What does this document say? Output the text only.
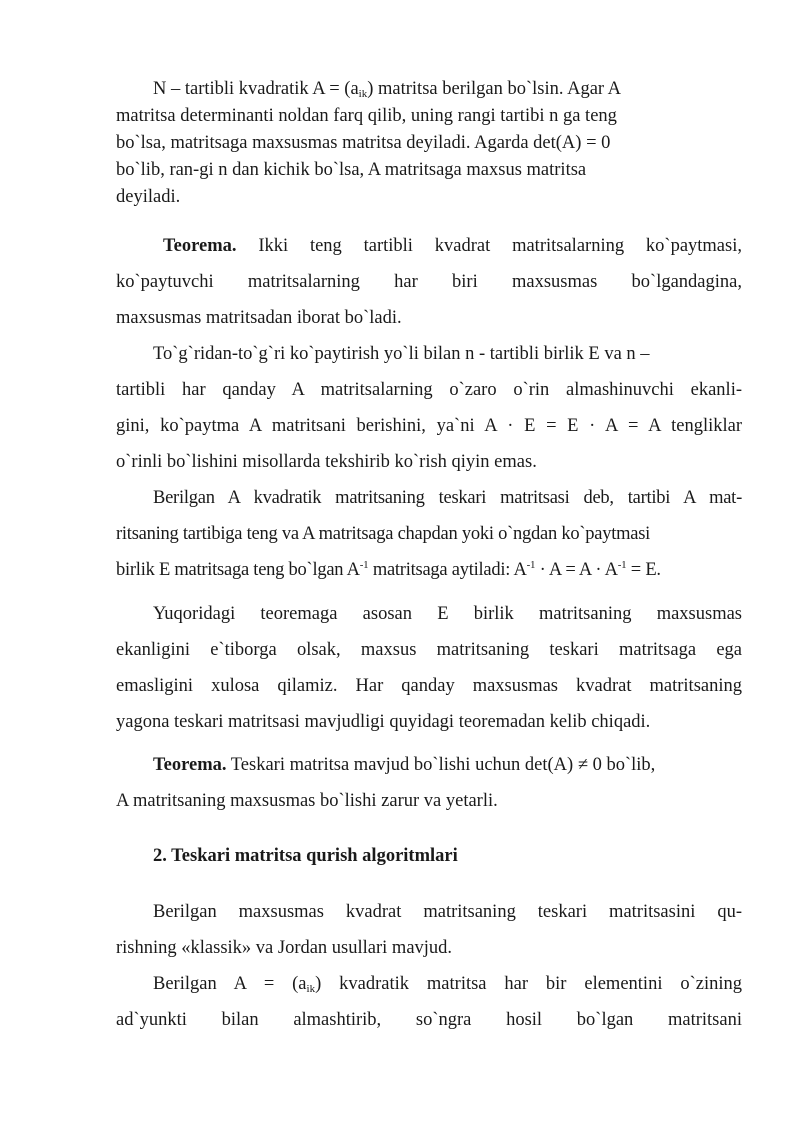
N – tartibli kvadratik $A = (a_{ik})$ matritsa berilgan bo`lsin. Agar A
matritsa determinanti noldan farq qilib, uning rangi tartibi n ga teng
bo`lsa, matritsaga maxsusmas matritsa deyiladi. Agarda det(A) = 0
bo`lib, ran-gi n dan kichik bo`lsa, A matritsaga maxsus matritsa
deyiladi.
Teorema. Ikki teng tartibli kvadrat matritsalarning ko`paytmasi,
ko`paytuvchi matritsalarning har biri maxsusmas bo`lgandagina,
maxsusmas matritsadan iborat bo`ladi.
To`g`ridan-to`g`ri ko`paytirish yo`li bilan n - tartibli birlik E va n –
tartibli har qanday A matritsalarning o`zaro o`rin almashinuvchi ekanli-
gini, ko`paytma A matritsani berishini, ya`ni A · E = E · A = A tengliklar
o`rinli bo`lishini misollarda tekshirib ko`rish qiyin emas.
Berilgan A kvadratik matritsaning teskari matritsasi deb, tartibi A mat-
ritsaning tartibiga teng va A matritsaga chapdan yoki o`ngdan ko`paytmasi
birlik E matritsaga teng bo`lgan $A^{-1}$ matritsaga aytiladi: $A^{-1} \cdot A = A \cdot A^{-1} = E$.
Yuqoridagi teoremaga asosan E birlik matritsaning maxsusmas
ekanligini e`tiborga olsak, maxsus matritsaning teskari matritsaga ega
emasligini xulosa qilamiz. Har qanday maxsusmas kvadrat matritsaning
yagona teskari matritsasi mavjudligi quyidagi teoremadan kelib chiqadi.
Teorema. Teskari matritsa mavjud bo`lishi uchun det(A) ≠ 0 bo`lib,
A matritsaning maxsusmas bo`lishi zarur va yetarli.
2. Teskari matritsa qurish algoritmlari
Berilgan maxsusmas kvadrat matritsaning teskari matritsasini qu-
rishning «klassik» va Jordan usullari mavjud.
Berilgan $A = (a_{ik})$ kvadratik matritsa har bir elementini o`zining
ad`yunkti bilan almashtirib, so`ngra hosil bo`lgan matritsani
